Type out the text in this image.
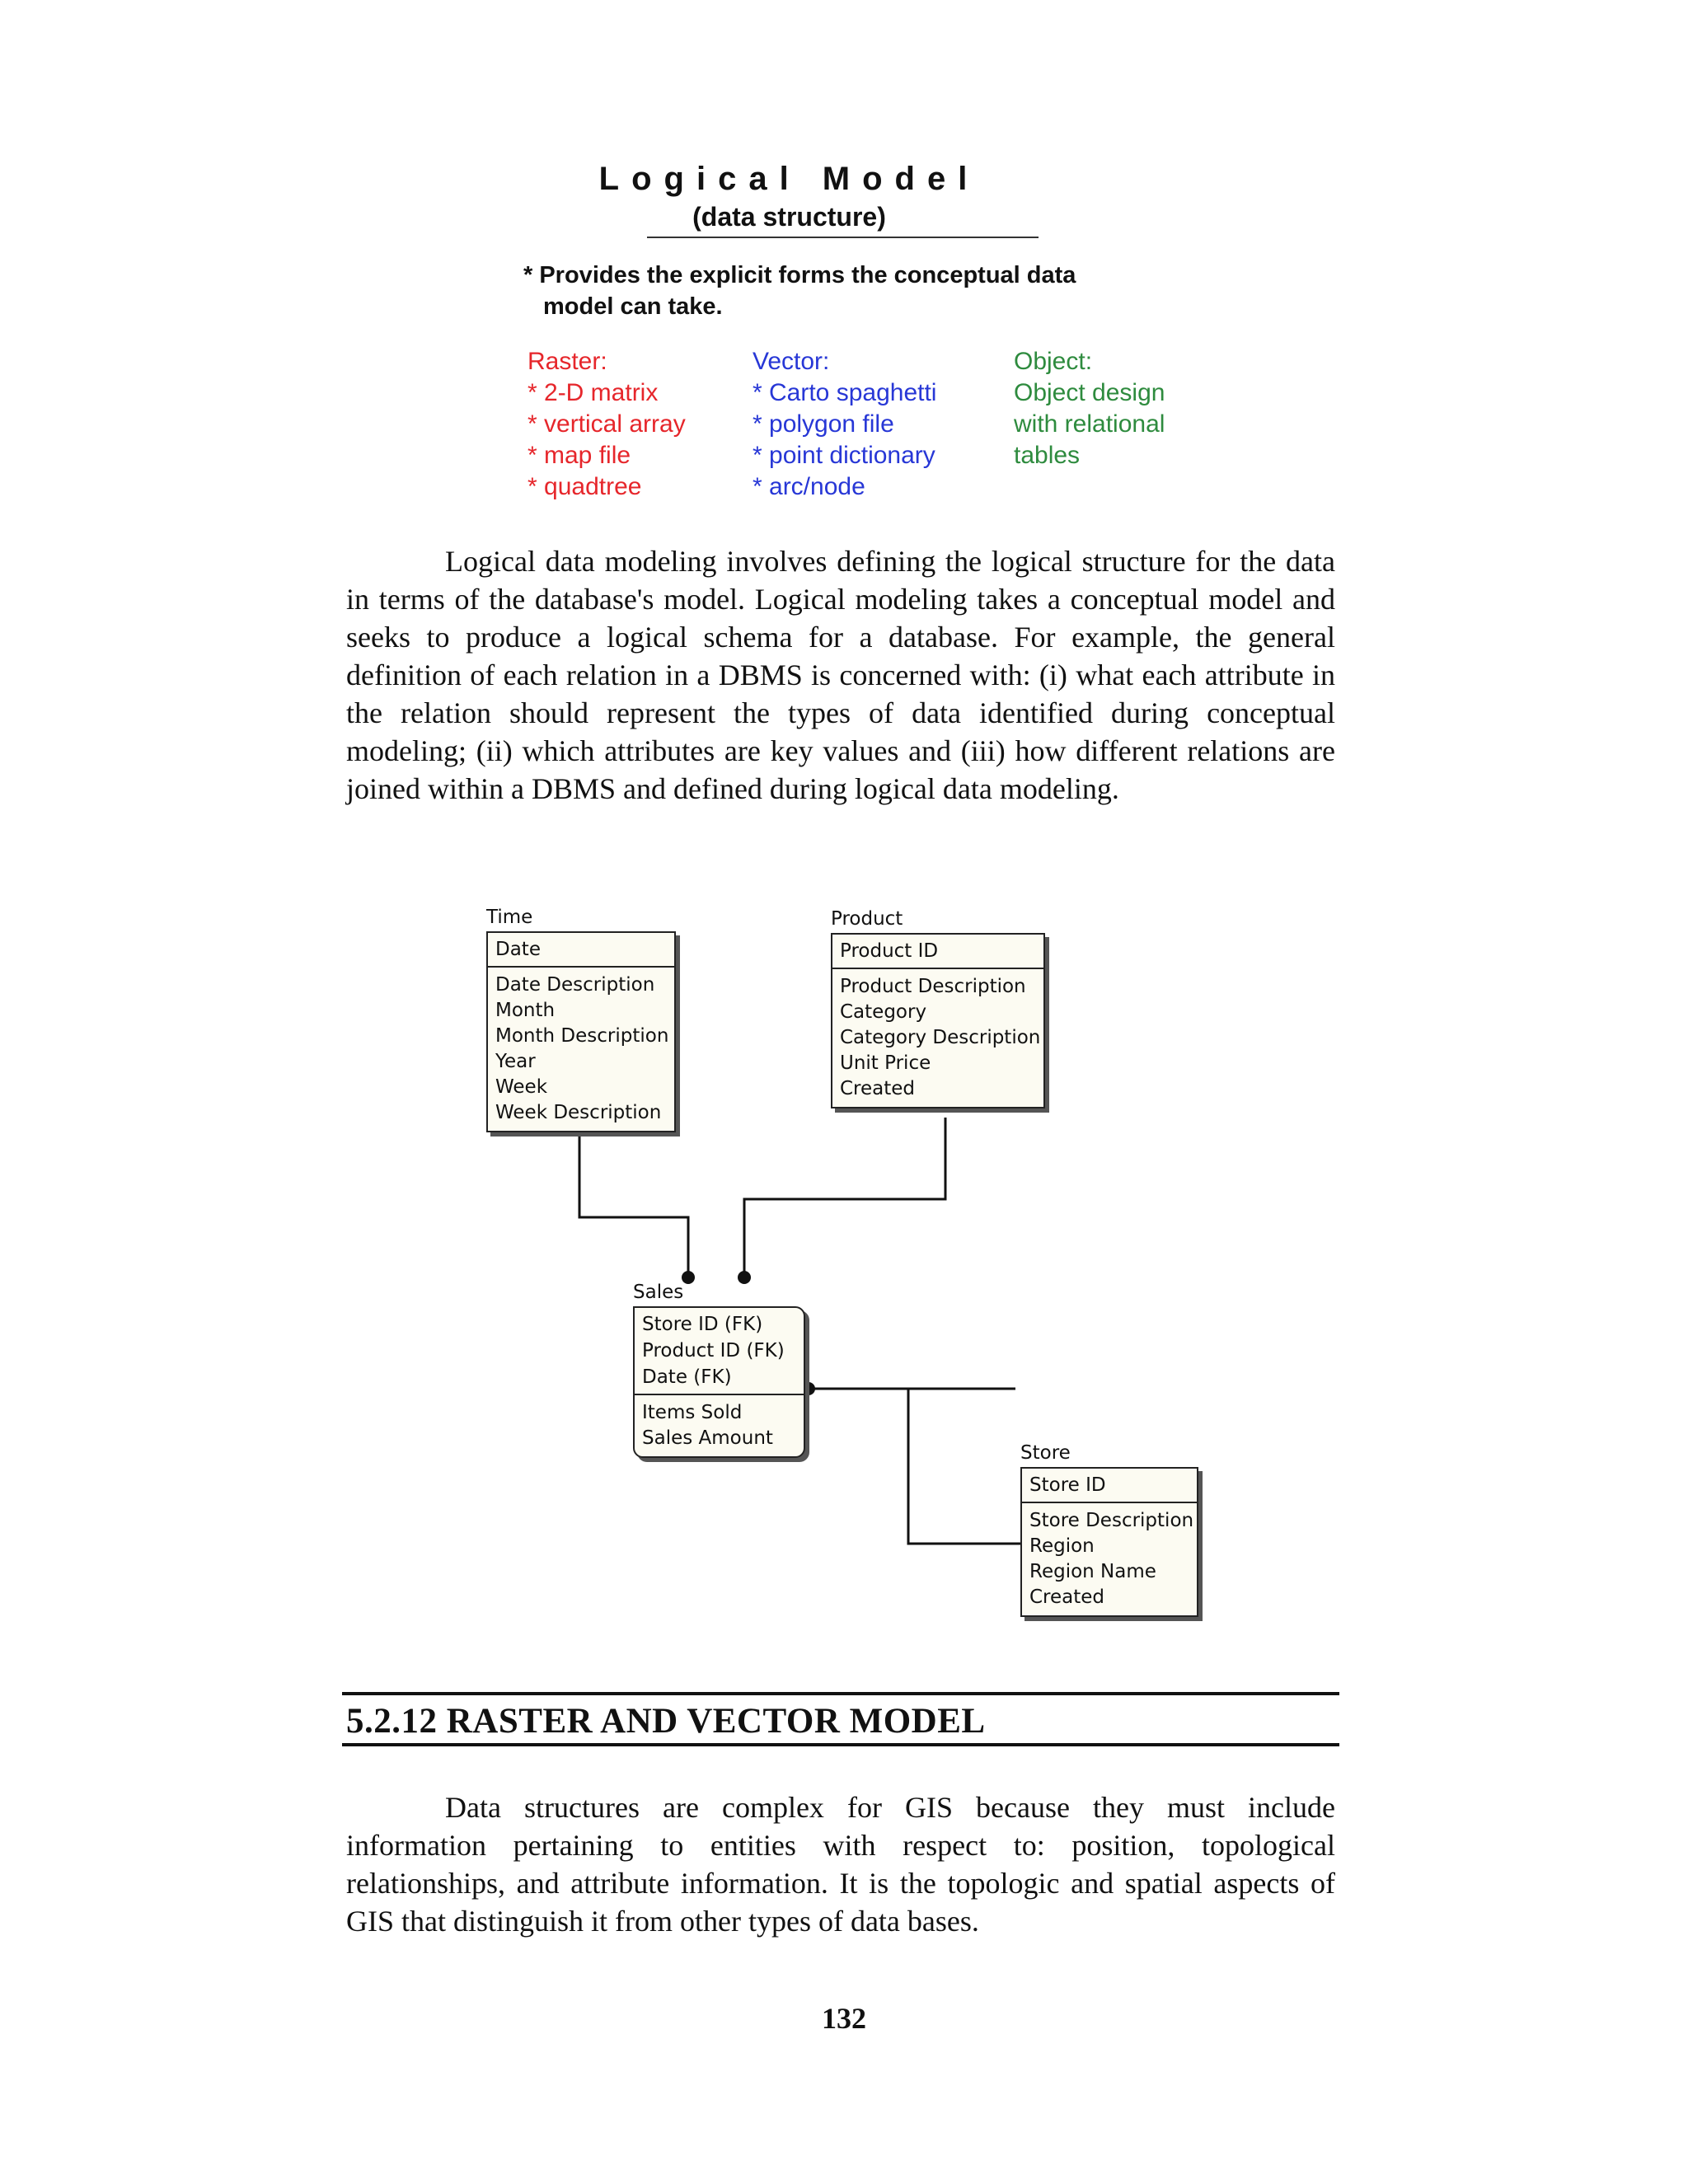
Logical Model
(data structure)
* Provides the explicit forms the conceptual data
model can take.
Raster:
* 2-D matrix
* vertical array
* map file
* quadtree
Vector:
* Carto spaghetti
* polygon file
* point dictionary
* arc/node
Object:
Object design
with relational
tables
Logical data modeling involves defining the logical structure for the data in terms of the database's model. Logical modeling takes a conceptual model and seeks to produce a logical schema for a database. For example, the general definition of each relation in a DBMS is concerned with: (i) what each attribute in the relation should represent the types of data identified during conceptual modeling; (ii) which attributes are key values and (iii) how different relations are joined within a DBMS and defined during logical data modeling.
Time
Date
Date Description
Month
Month Description
Year
Week
Week Description
Product
Product ID
Product Description
Category
Category Description
Unit Price
Created
Sales
Store ID (FK)
Product ID (FK)
Date (FK)
Items Sold
Sales Amount
Store
Store ID
Store Description
Region
Region Name
Created
5.2.12 RASTER AND VECTOR MODEL
Data structures are complex for GIS because they must include information pertaining to entities with respect to: position, topological relationships, and attribute information. It is the topologic and spatial aspects of GIS that distinguish it from other types of data bases.
132
